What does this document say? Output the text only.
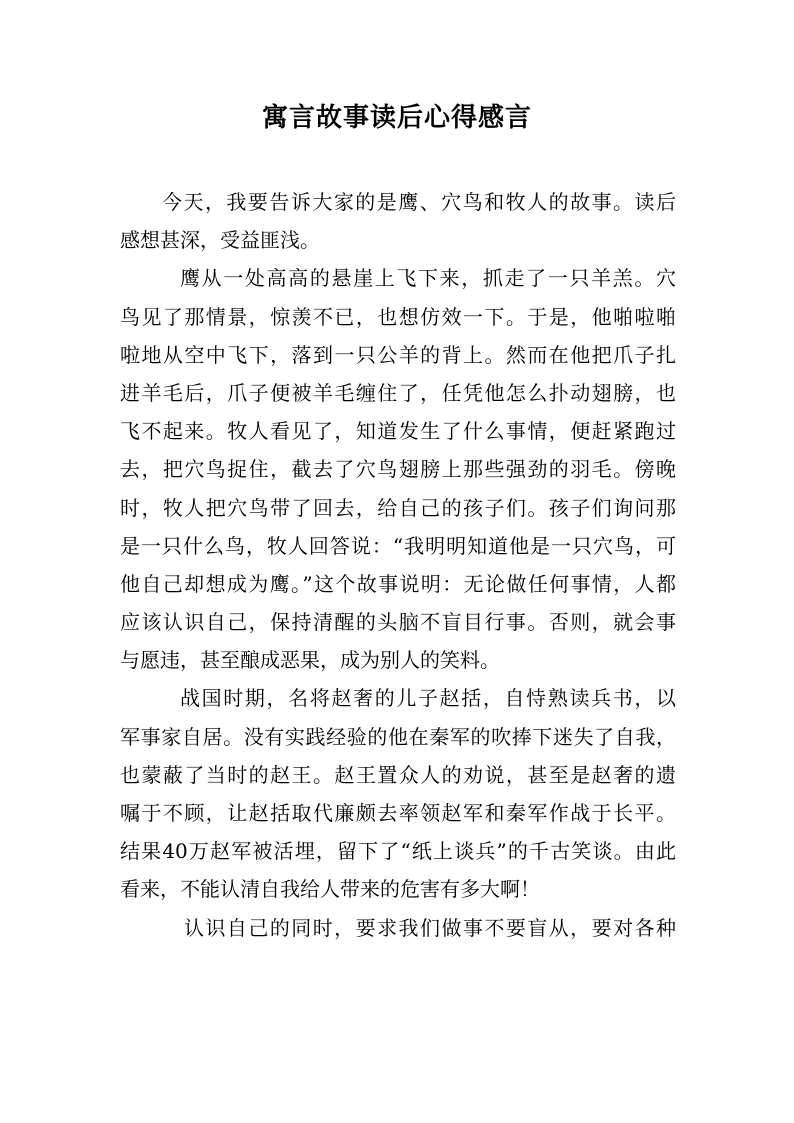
寓言故事读后心得感言
今天，我要告诉大家的是鹰、穴鸟和牧人的故事。读后
感想甚深，受益匪浅。
鹰从一处高高的悬崖上飞下来，抓走了一只羊羔。穴
鸟见了那情景，惊羡不已，也想仿效一下。于是，他啪啦啪
啦地从空中飞下，落到一只公羊的背上。然而在他把爪子扎
进羊毛后，爪子便被羊毛缠住了，任凭他怎么扑动翅膀，也
飞不起来。牧人看见了，知道发生了什么事情，便赶紧跑过
去，把穴鸟捉住，截去了穴鸟翅膀上那些强劲的羽毛。傍晚
时，牧人把穴鸟带了回去，给自己的孩子们。孩子们询问那
是一只什么鸟，牧人回答说：“我明明知道他是一只穴鸟，可
他自己却想成为鹰。”这个故事说明：无论做任何事情，人都
应该认识自己，保持清醒的头脑不盲目行事。否则，就会事
与愿违，甚至酿成恶果，成为别人的笑料。
战国时期，名将赵奢的儿子赵括，自恃熟读兵书，以
军事家自居。没有实践经验的他在秦军的吹捧下迷失了自我，
也蒙蔽了当时的赵王。赵王置众人的劝说，甚至是赵奢的遗
嘱于不顾，让赵括取代廉颇去率领赵军和秦军作战于长平。
结果40万赵军被活埋，留下了“纸上谈兵”的千古笑谈。由此
看来，不能认清自我给人带来的危害有多大啊！
认识自己的同时，要求我们做事不要盲从，要对各种
